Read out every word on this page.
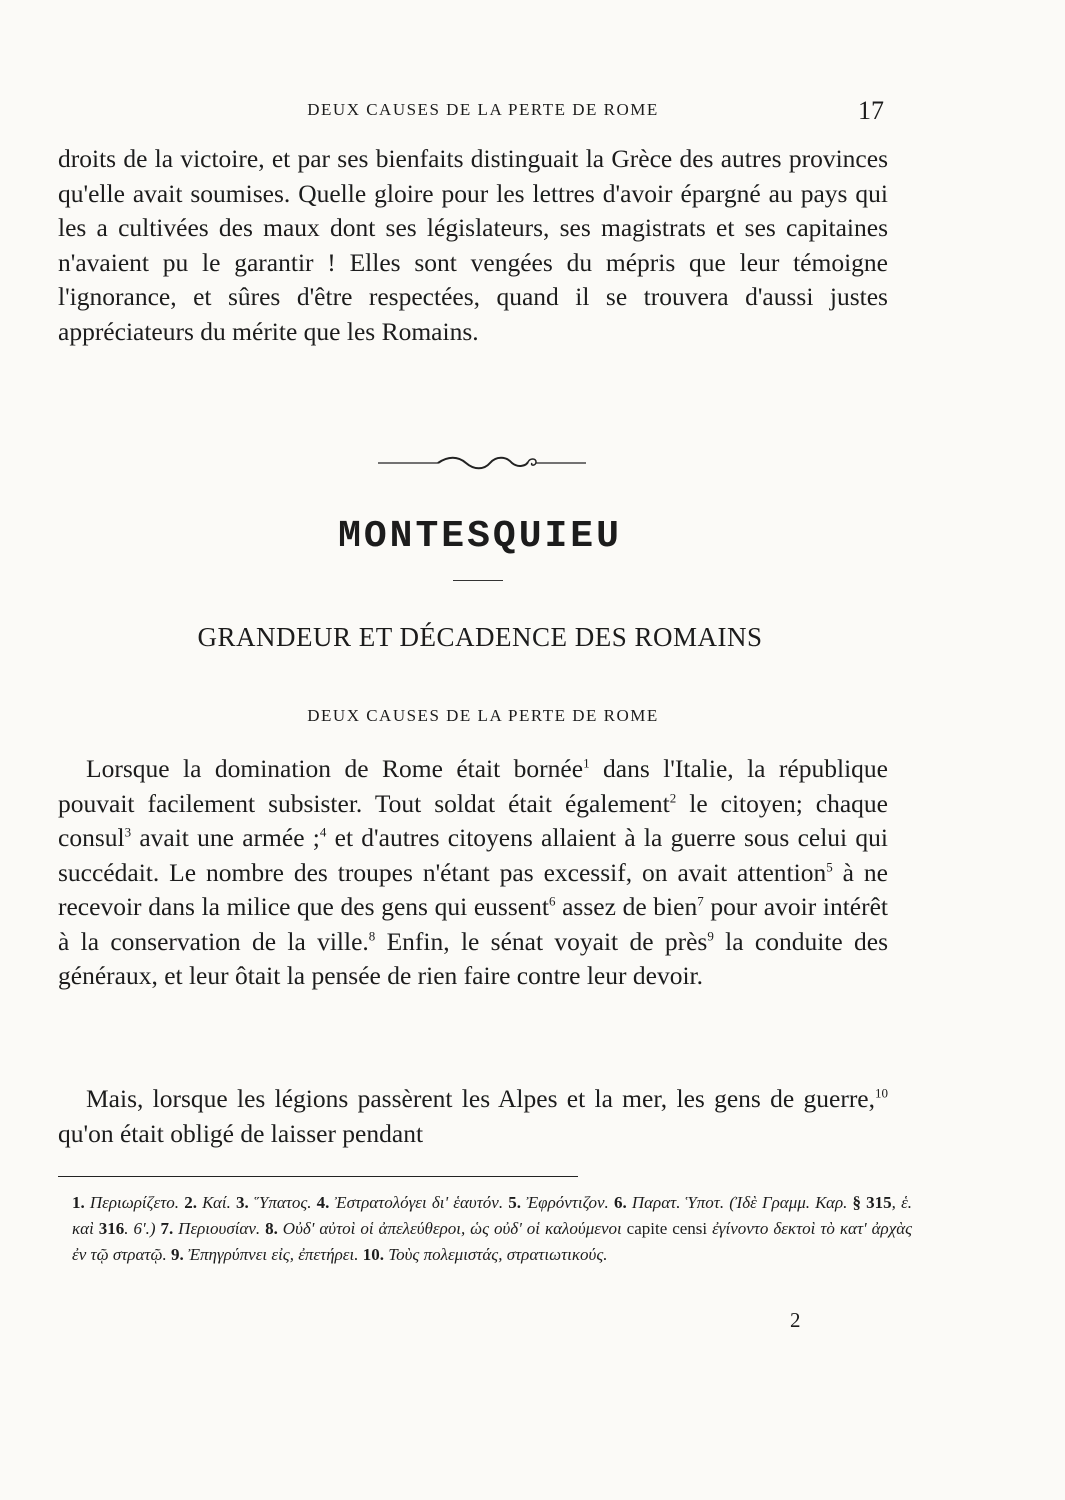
DEUX CAUSES DE LA PERTE DE ROME	17

droits de la victoire, et par ses bienfaits distinguait la Grèce des autres provinces qu'elle avait soumises. Quelle gloire pour les lettres d'avoir épargné au pays qui les a cultivées des maux dont ses législateurs, ses magistrats et ses capitaines n'avaient pu le garantir ! Elles sont vengées du mépris que leur témoigne l'ignorance, et sûres d'être respectées, quand il se trouvera d'aussi justes appréciateurs du mérite que les Romains.

MONTESQUIEU
GRANDEUR ET DÉCADENCE DES ROMAINS
DEUX CAUSES DE LA PERTE DE ROME

Lorsque la domination de Rome était bornée$^1$ dans l'Italie, la république pouvait facilement subsister. Tout soldat était également$^2$ le citoyen; chaque consul$^3$ avait une armée ;$^4$ et d'autres citoyens allaient à la guerre sous celui qui succédait. Le nombre des troupes n'étant pas excessif, on avait attention$^5$ à ne recevoir dans la milice que des gens qui eussent$^6$ assez de bien$^7$ pour avoir intérêt à la conservation de la ville.$^8$ Enfin, le sénat voyait de près$^9$ la conduite des généraux, et leur ôtait la pensée de rien faire contre leur devoir.

Mais, lorsque les légions passèrent les Alpes et la mer, les gens de guerre,$^{10}$ qu'on était obligé de laisser pendant

1. Περιωρίζετο. 2. Καί. 3. Ὕπατος. 4. Ἐστρατολόγει δι' ἑαυτόν. 5. Ἐφρόντιζον. 6. Παρατ. Ὑποτ. (Ἰδὲ Γραμμ. Καρ. § 315, ἑ. καὶ 316. 6'.) 7. Περιουσίαν. 8. Οὐδ' αὐτοὶ οἱ ἀπελεύθεροι, ὡς οὐδ' οἱ καλούμενοι capite censi ἐγίνοντο δεκτοὶ τὸ κατ' ἀρχὰς ἐν τῷ στρατῷ. 9. Ἐπηγρύπνει εἰς, ἐπετήρει. 10. Τοὺς πολεμιστάς, στρατιωτικούς.
2
